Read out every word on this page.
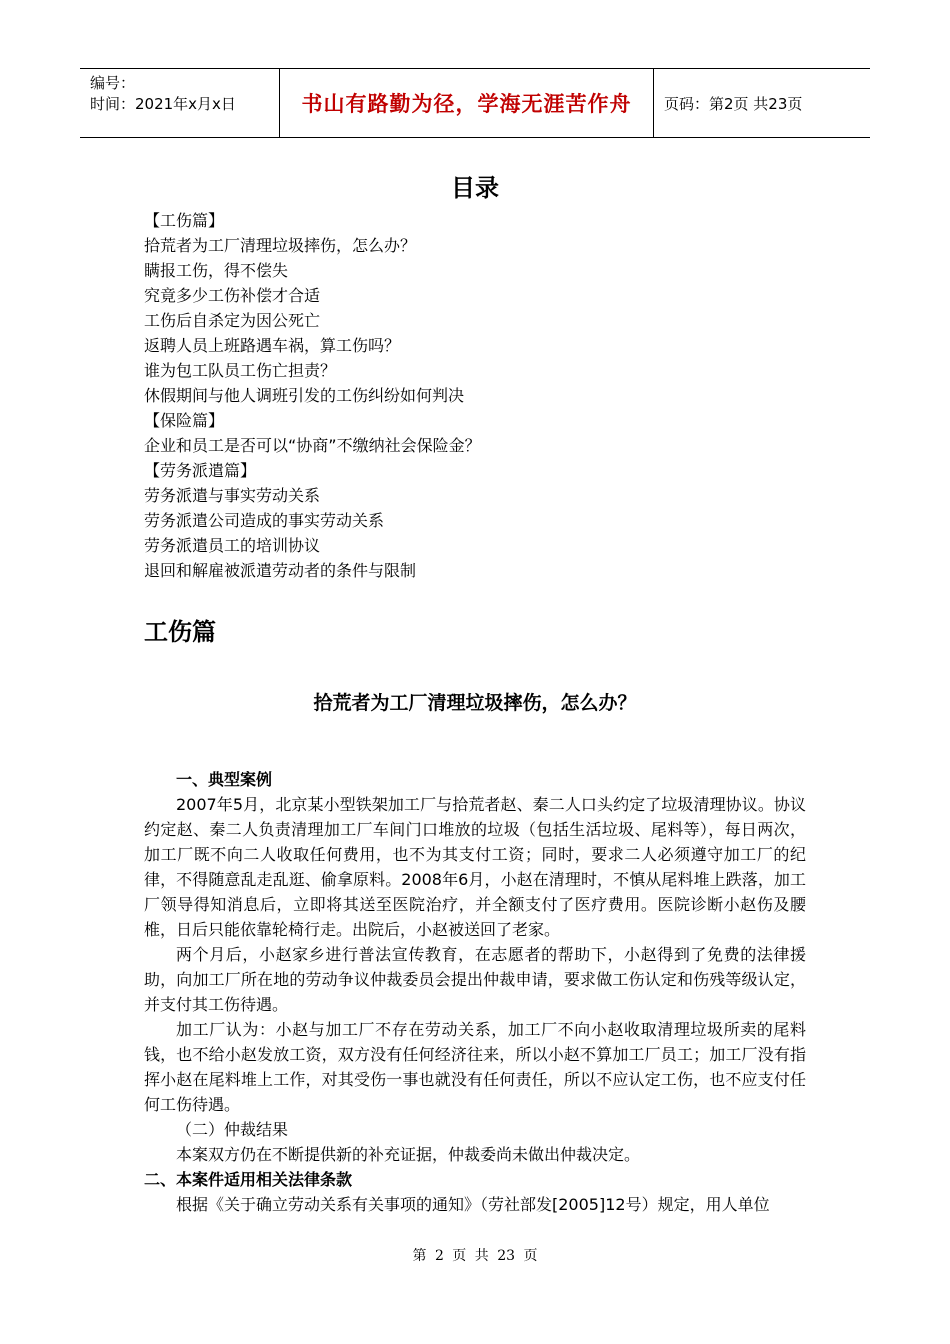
编号：
时间：2021年x月x日	书山有路勤为径，学海无涯苦作舟	页码：第2页 共23页
目录
【工伤篇】
拾荒者为工厂清理垃圾摔伤，怎么办？
瞒报工伤，得不偿失
究竟多少工伤补偿才合适
工伤后自杀定为因公死亡
返聘人员上班路遇车祸，算工伤吗？
谁为包工队员工伤亡担责？
休假期间与他人调班引发的工伤纠纷如何判决
【保险篇】
企业和员工是否可以“协商”不缴纳社会保险金？
【劳务派遣篇】
劳务派遣与事实劳动关系
劳务派遣公司造成的事实劳动关系
劳务派遣员工的培训协议
退回和解雇被派遣劳动者的条件与限制
工伤篇
拾荒者为工厂清理垃圾摔伤，怎么办？

一、典型案例

2007年5月，北京某小型铁架加工厂与拾荒者赵、秦二人口头约定了垃圾清理协议。协议约定赵、秦二人负责清理加工厂车间门口堆放的垃圾（包括生活垃圾、尾料等），每日两次，加工厂既不向二人收取任何费用，也不为其支付工资；同时，要求二人必须遵守加工厂的纪律，不得随意乱走乱逛、偷拿原料。2008年6月，小赵在清理时，不慎从尾料堆上跌落，加工厂领导得知消息后，立即将其送至医院治疗，并全额支付了医疗费用。医院诊断小赵伤及腰椎，日后只能依靠轮椅行走。出院后，小赵被送回了老家。

两个月后，小赵家乡进行普法宣传教育，在志愿者的帮助下，小赵得到了免费的法律援助，向加工厂所在地的劳动争议仲裁委员会提出仲裁申请，要求做工伤认定和伤残等级认定，并支付其工伤待遇。

加工厂认为：小赵与加工厂不存在劳动关系，加工厂不向小赵收取清理垃圾所卖的尾料钱，也不给小赵发放工资，双方没有任何经济往来，所以小赵不算加工厂员工；加工厂没有指挥小赵在尾料堆上工作，对其受伤一事也就没有任何责任，所以不应认定工伤，也不应支付任何工伤待遇。

（二）仲裁结果

本案双方仍在不断提供新的补充证据，仲裁委尚未做出仲裁决定。

二、本案件适用相关法律条款

根据《关于确立劳动关系有关事项的通知》（劳社部发[2005]12号）规定，用人单位

第 2 页 共 23 页
